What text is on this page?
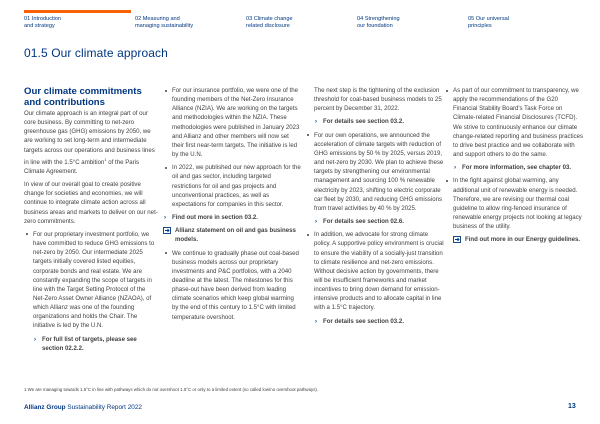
01 Introduction
and strategy
02 Measuring and
managing sustainability
03 Climate change
related disclosure
04 Strengthening
our foundation
05 Our universal
principles
01.5 Our climate approach
Our climate commitments and contributions

Our climate approach is an integral part of our core business. By committing to net-zero greenhouse gas (GHG) emissions by 2050, we are working to set long-term and intermediate targets across our operations and business lines in line with the 1.5°C ambition$^1$ of the Paris Climate Agreement.

In view of our overall goal to create positive change for societies and economies, we will continue to integrate climate action across all business areas and markets to deliver on our net-zero commitments.

For our proprietary investment portfolio, we have committed to reduce GHG emissions to net-zero by 2050. Our intermediate 2025 targets initially covered listed equities, corporate bonds and real estate. We are constantly expanding the scope of targets in line with the Target Setting Protocol of the Net-Zero Asset Owner Alliance (NZAOA), of which Allianz was one of the founding organizations and holds the Chair. The initiative is led by the U.N.
› For full list of targets, please see section 02.2.2.
For our insurance portfolio, we were one of the founding members of the Net-Zero Insurance Alliance (NZIA). We are working on the targets and methodologies within the NZIA. These methodologies were published in January 2023 and Allianz and other members will now set their first near-term targets. The initiative is led by the U.N.
In 2022, we published our new approach for the oil and gas sector, including targeted restrictions for oil and gas projects and unconventional practices, as well as expectations for companies in this sector.
› Find out more in section 03.2.
Allianz statement on oil and gas business models.
We continue to gradually phase out coal-based business models across our proprietary investments and P&C portfolios, with a 2040 deadline at the latest. The milestones for this phase-out have been derived from leading climate scenarios which keep global warming by the end of this century to 1.5°C with limited temperature overshoot.
The next step is the tightening of the exclusion threshold for coal-based business models to 25 percent by December 31, 2022.
› For details see section 03.2.
For our own operations, we announced the acceleration of climate targets with reduction of GHG emissions by 50 % by 2025, versus 2019, and net-zero by 2030. We plan to achieve these targets by strengthening our environmental management and sourcing 100 % renewable electricity by 2023, shifting to electric corporate car fleet by 2030, and reducing GHG emissions from travel activities by 40 % by 2025.
› For details see section 02.6.
In addition, we advocate for strong climate policy. A supportive policy environment is crucial to ensure the viability of a socially-just transition to climate resilience and net-zero emissions. Without decisive action by governments, there will be insufficient frameworks and market incentives to bring down demand for emission-intensive products and to allocate capital in line with a 1.5°C trajectory.
› For details see section 03.2.
As part of our commitment to transparency, we apply the recommendations of the G20 Financial Stability Board's Task Force on Climate-related Financial Disclosures (TCFD). We strive to continuously enhance our climate change-related reporting and business practices to drive best practice and we collaborate with and support others to do the same.
› For more information, see chapter 03.
In the fight against global warming, any additional unit of renewable energy is needed. Therefore, we are revising our thermal coal guideline to allow ring-fenced insurance of renewable energy projects not looking at legacy business of the utility.
Find out more in our Energy guidelines.
1 We are managing towards 1.5°C in line with pathways which do not overshoot 1.5°C or only to a limited extent (so called low/no overshoot pathways).
Allianz Group Sustainability Report 2022	13
